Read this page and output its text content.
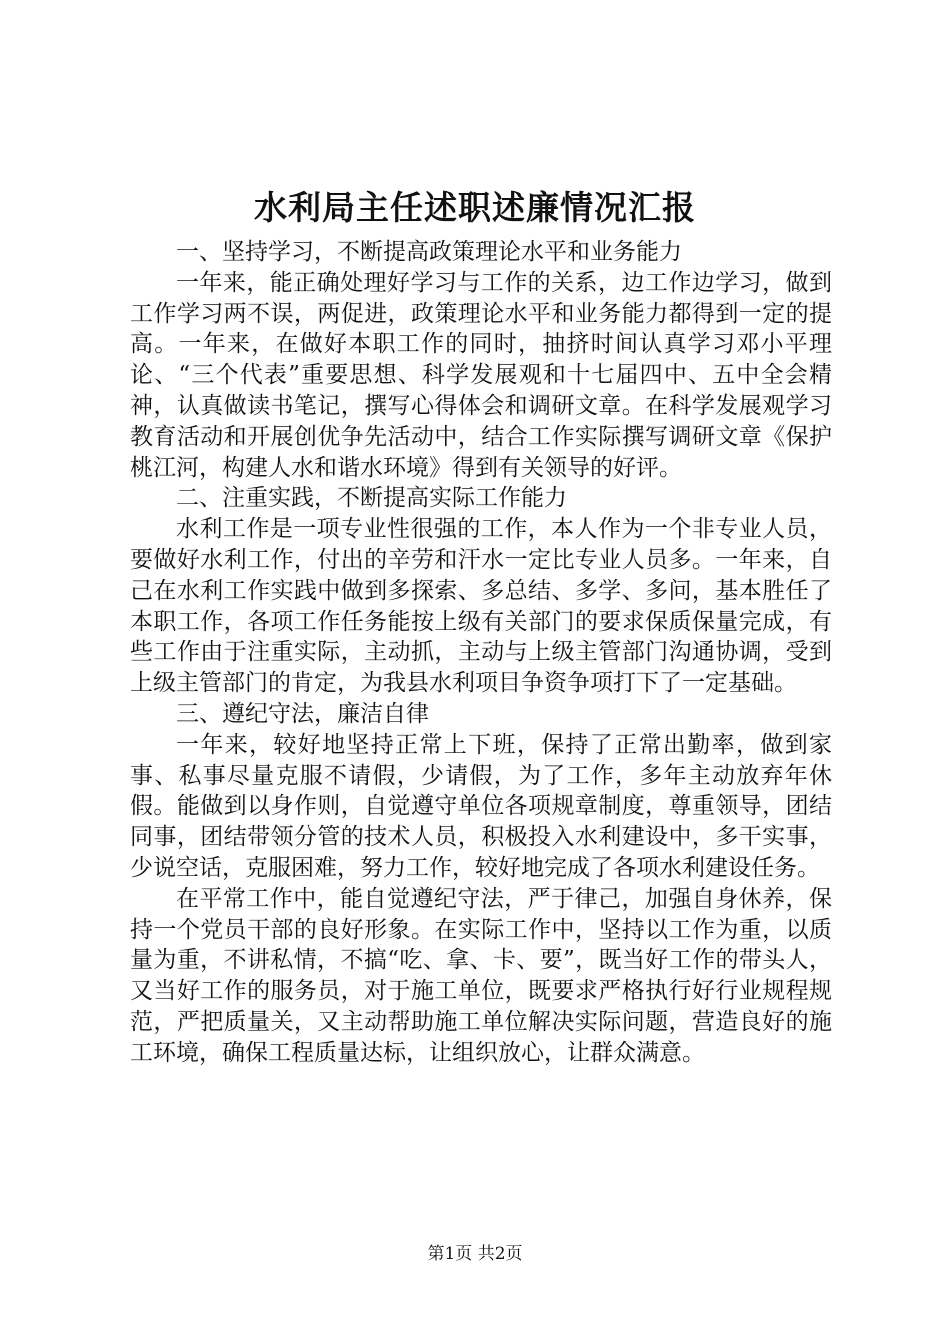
水利局主任述职述廉情况汇报

一、坚持学习，不断提高政策理论水平和业务能力

一年来，能正确处理好学习与工作的关系，边工作边学习，做到工作学习两不误，两促进，政策理论水平和业务能力都得到一定的提高。一年来，在做好本职工作的同时，抽挤时间认真学习邓小平理论、“三个代表”重要思想、科学发展观和十七届四中、五中全会精神，认真做读书笔记，撰写心得体会和调研文章。在科学发展观学习教育活动和开展创优争先活动中，结合工作实际撰写调研文章《保护桃江河，构建人水和谐水环境》得到有关领导的好评。

二、注重实践，不断提高实际工作能力

水利工作是一项专业性很强的工作，本人作为一个非专业人员，要做好水利工作，付出的辛劳和汗水一定比专业人员多。一年来，自己在水利工作实践中做到多探索、多总结、多学、多问，基本胜任了本职工作，各项工作任务能按上级有关部门的要求保质保量完成，有些工作由于注重实际，主动抓，主动与上级主管部门沟通协调，受到上级主管部门的肯定，为我县水利项目争资争项打下了一定基础。

三、遵纪守法，廉洁自律

一年来，较好地坚持正常上下班，保持了正常出勤率，做到家事、私事尽量克服不请假，少请假，为了工作，多年主动放弃年休假。能做到以身作则，自觉遵守单位各项规章制度，尊重领导，团结同事，团结带领分管的技术人员，积极投入水利建设中，多干实事，少说空话，克服困难，努力工作，较好地完成了各项水利建设任务。

在平常工作中，能自觉遵纪守法，严于律己，加强自身休养，保持一个党员干部的良好形象。在实际工作中，坚持以工作为重，以质量为重，不讲私情，不搞“吃、拿、卡、要”，既当好工作的带头人，又当好工作的服务员，对于施工单位，既要求严格执行好行业规程规范，严把质量关，又主动帮助施工单位解决实际问题，营造良好的施工环境，确保工程质量达标，让组织放心，让群众满意。

第1页 共2页
